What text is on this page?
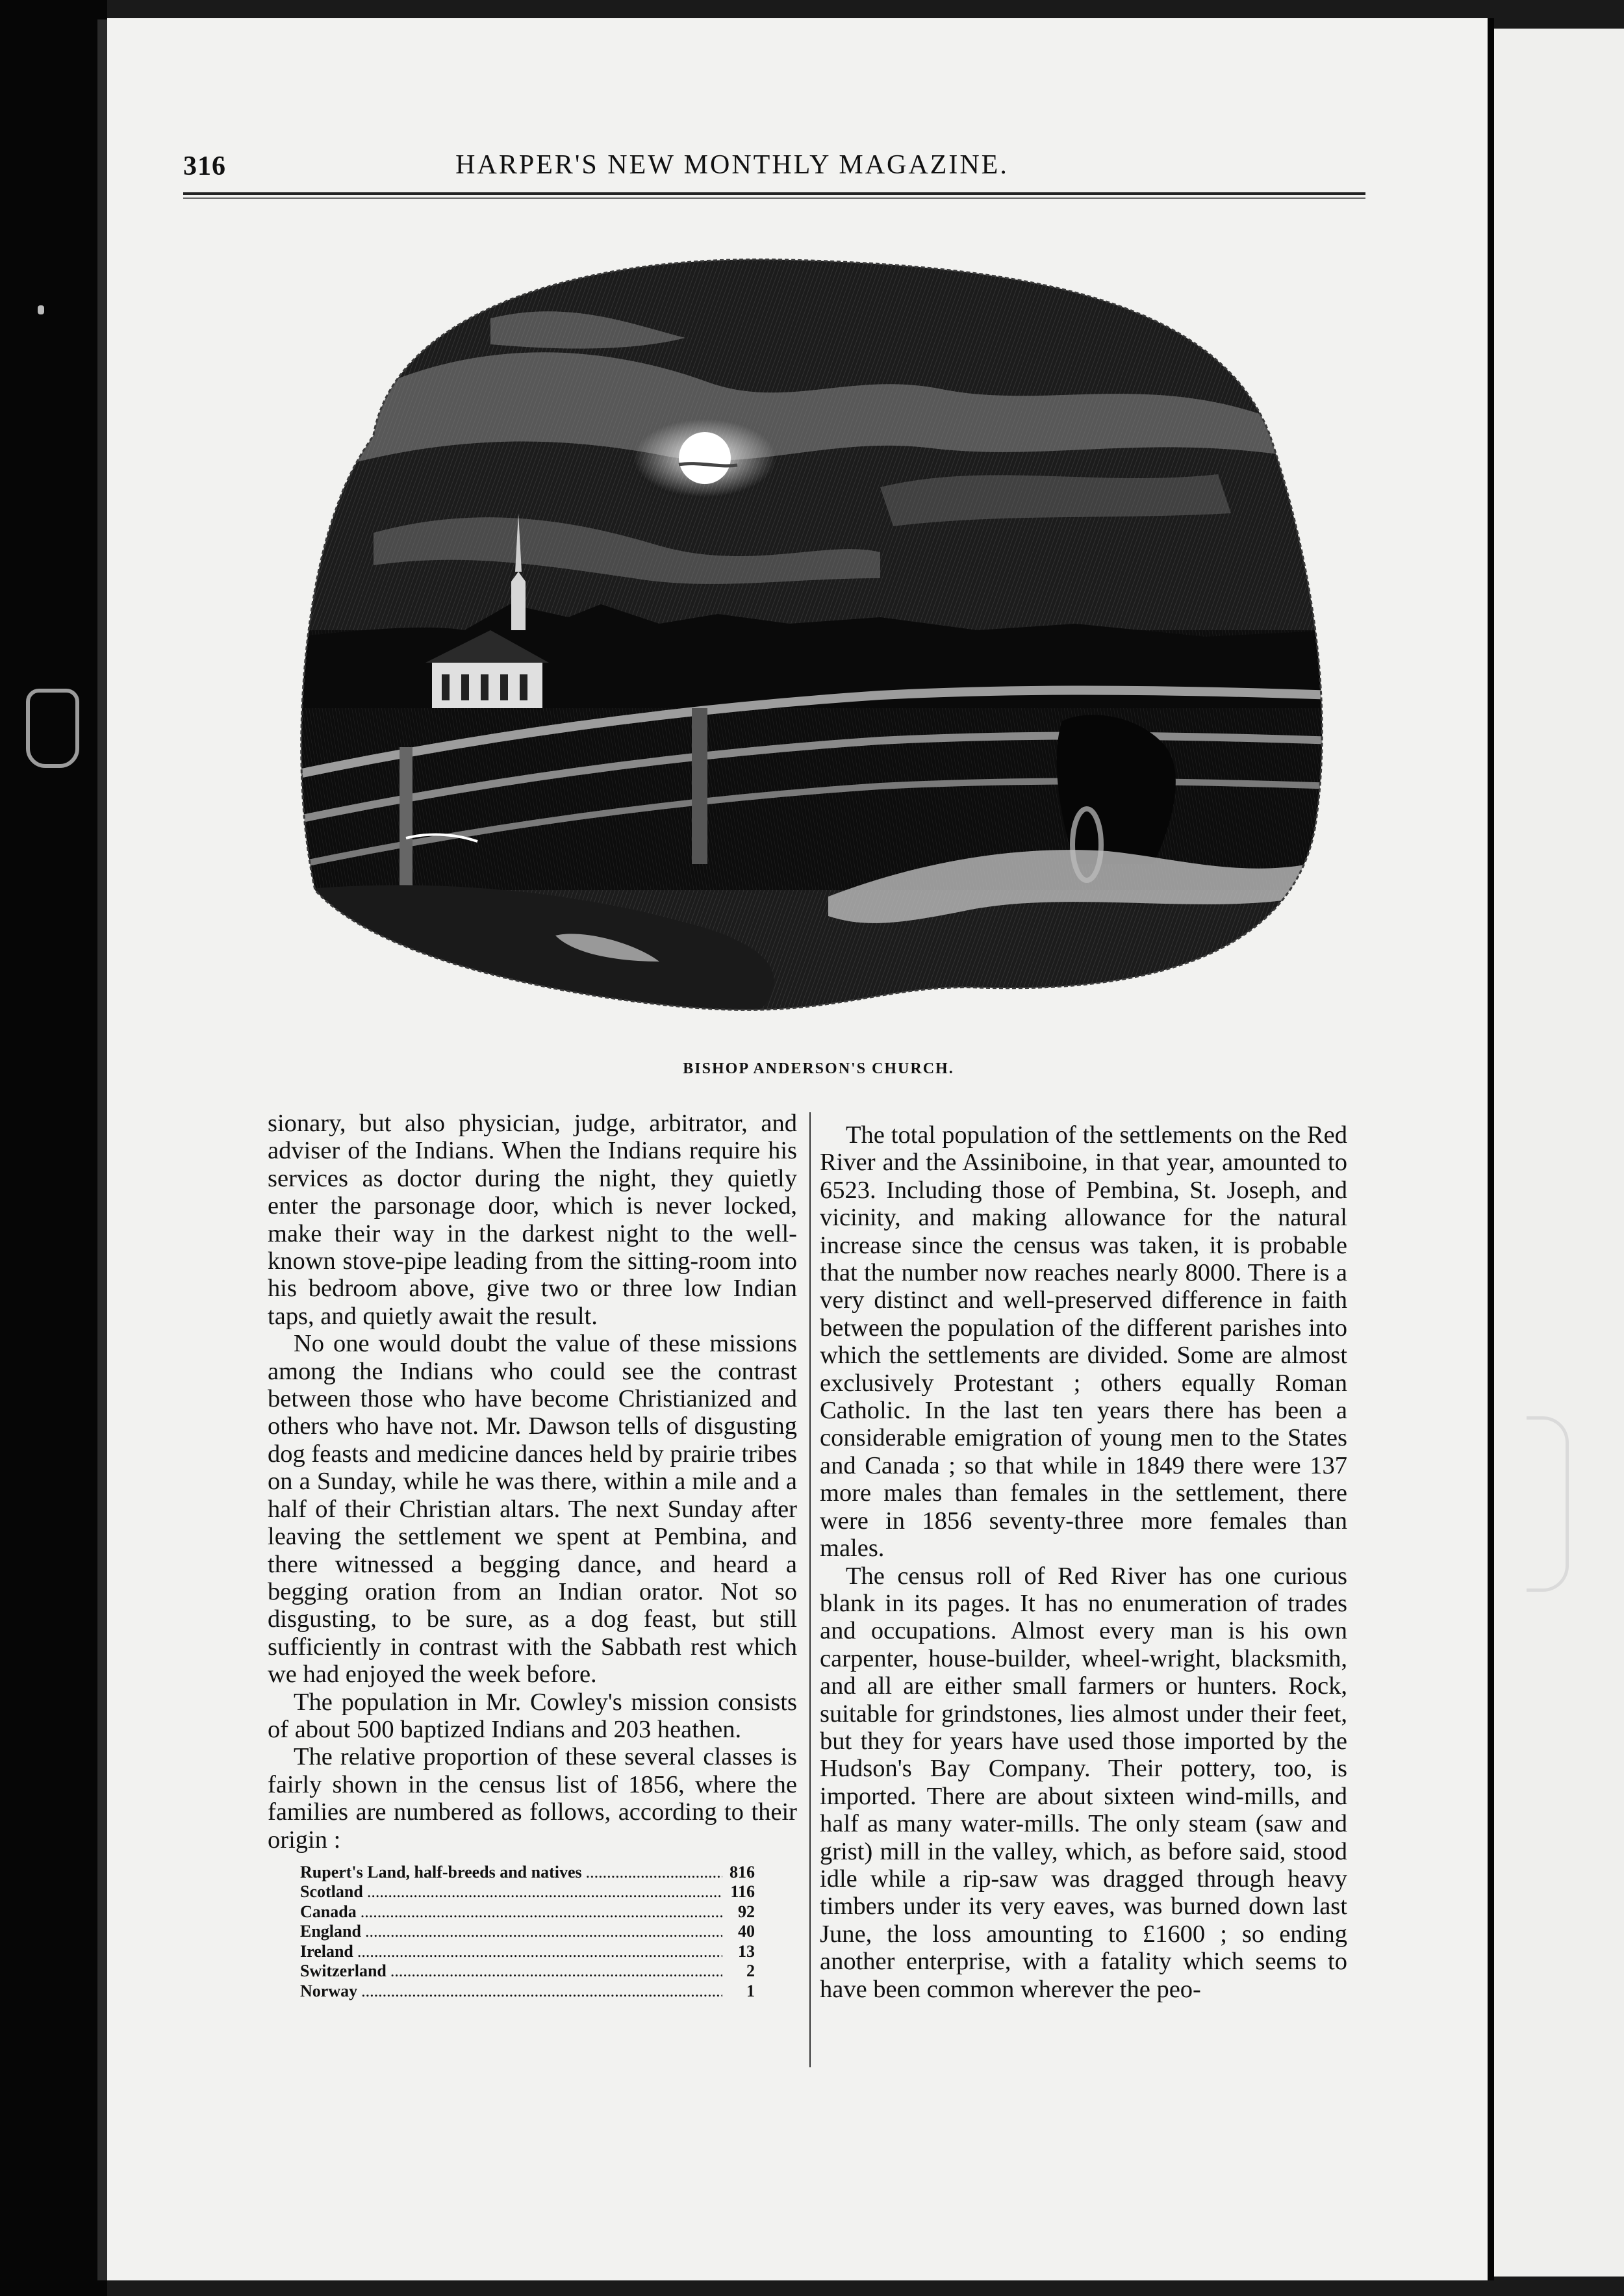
316	HARPER'S NEW MONTHLY MAGAZINE.
BISHOP ANDERSON'S CHURCH.

sionary, but also physician, judge, arbitrator, and adviser of the Indians. When the Indians require his services as doctor during the night, they quietly enter the parsonage door, which is never locked, make their way in the darkest night to the well-known stove-pipe leading from the sitting-room into his bedroom above, give two or three low Indian taps, and quietly await the result.

No one would doubt the value of these missions among the Indians who could see the contrast between those who have become Christianized and others who have not. Mr. Dawson tells of disgusting dog feasts and medicine dances held by prairie tribes on a Sunday, while he was there, within a mile and a half of their Christian altars. The next Sunday after leaving the settlement we spent at Pembina, and there witnessed a begging dance, and heard a begging oration from an Indian orator. Not so disgusting, to be sure, as a dog feast, but still sufficiently in contrast with the Sabbath rest which we had enjoyed the week before.

The population in Mr. Cowley's mission consists of about 500 baptized Indians and 203 heathen.

The relative proportion of these several classes is fairly shown in the census list of 1856, where the families are numbered as follows, according to their origin :

Rupert's Land, half-breeds and natives .....	816
Scotland .....	116
Canada .....	92
England .....	40
Ireland .....	13
Switzerland .....	2
Norway .....	1

The total population of the settlements on the Red River and the Assiniboine, in that year, amounted to 6523. Including those of Pembina, St. Joseph, and vicinity, and making allowance for the natural increase since the census was taken, it is probable that the number now reaches nearly 8000. There is a very distinct and well-preserved difference in faith between the population of the different parishes into which the settlements are divided. Some are almost exclusively Protestant ; others equally Roman Catholic. In the last ten years there has been a considerable emigration of young men to the States and Canada ; so that while in 1849 there were 137 more males than females in the settlement, there were in 1856 seventy-three more females than males.

The census roll of Red River has one curious blank in its pages. It has no enumeration of trades and occupations. Almost every man is his own carpenter, house-builder, wheel-wright, blacksmith, and all are either small farmers or hunters. Rock, suitable for grindstones, lies almost under their feet, but they for years have used those imported by the Hudson's Bay Company. Their pottery, too, is imported. There are about sixteen wind-mills, and half as many water-mills. The only steam (saw and grist) mill in the valley, which, as before said, stood idle while a rip-saw was dragged through heavy timbers under its very eaves, was burned down last June, the loss amounting to £1600 ; so ending another enterprise, with a fatality which seems to have been common wherever the peo-
